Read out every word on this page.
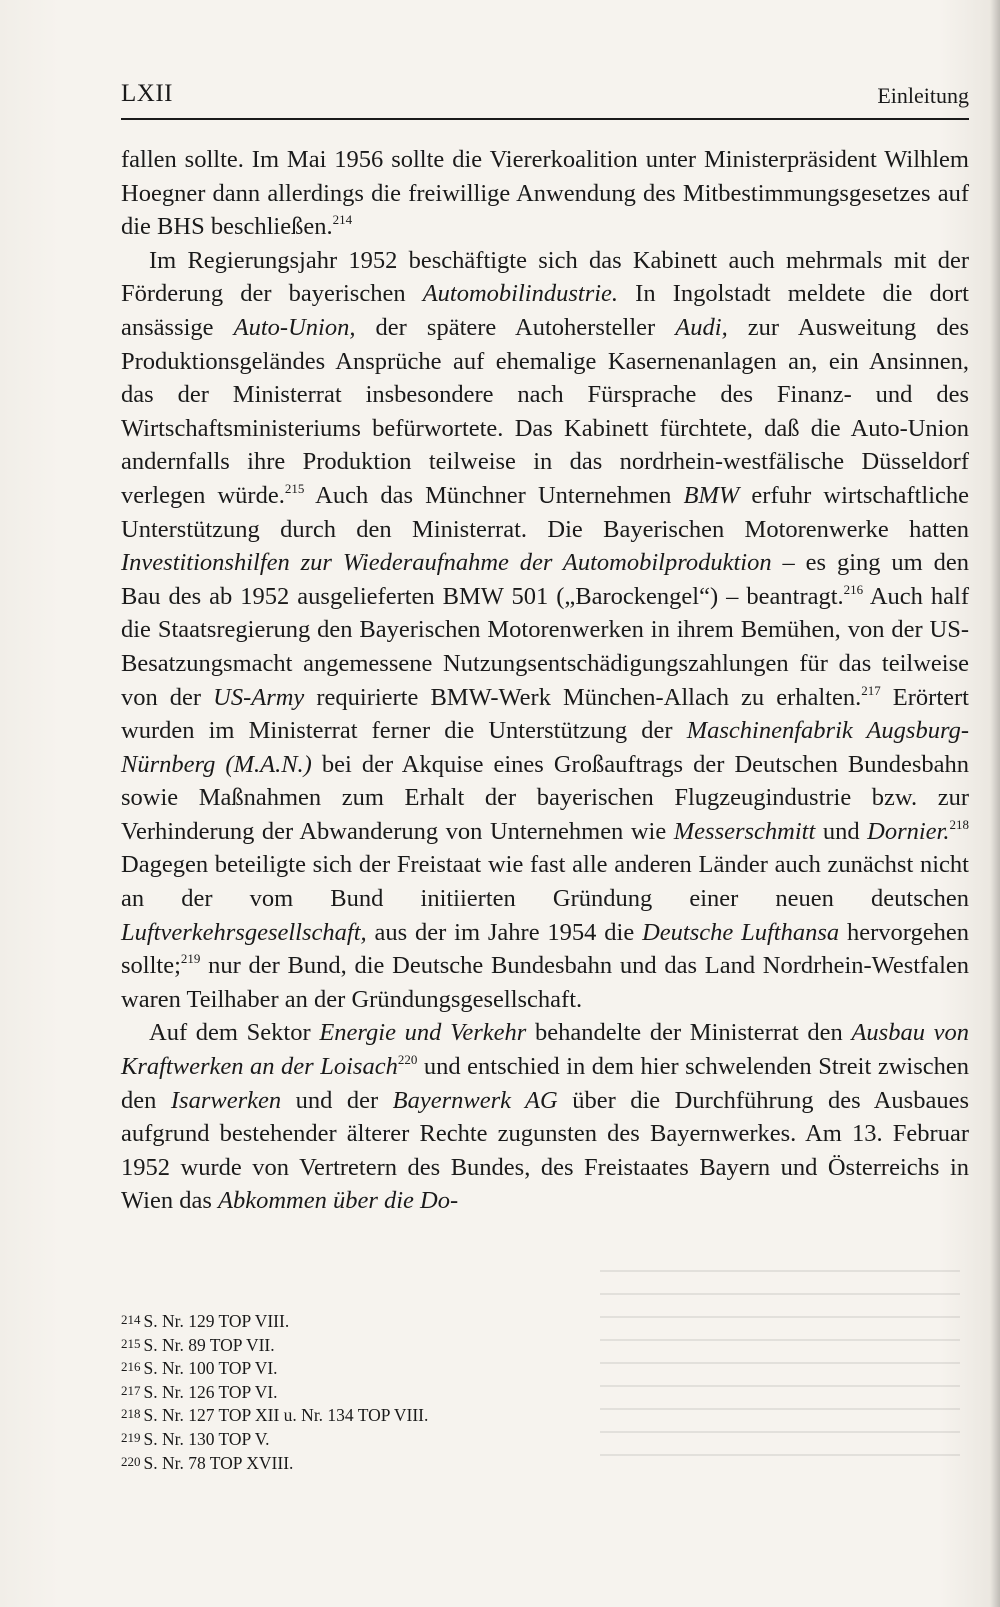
LXII	Einleitung

fallen sollte. Im Mai 1956 sollte die Viererkoalition unter Ministerpräsident Wilhlem Hoegner dann allerdings die freiwillige Anwendung des Mitbestimmungsgesetzes auf die BHS beschließen.$^{214}$

Im Regierungsjahr 1952 beschäftigte sich das Kabinett auch mehrmals mit der Förderung der bayerischen Automobilindustrie. In Ingolstadt meldete die dort ansässige Auto-Union, der spätere Autohersteller Audi, zur Ausweitung des Produktionsgeländes Ansprüche auf ehemalige Kasernenanlagen an, ein Ansinnen, das der Ministerrat insbesondere nach Fürsprache des Finanz- und des Wirtschaftsministeriums befürwortete. Das Kabinett fürchtete, daß die Auto-Union andernfalls ihre Produktion teilweise in das nordrhein-westfälische Düsseldorf verlegen würde.$^{215}$ Auch das Münchner Unternehmen BMW erfuhr wirtschaftliche Unterstützung durch den Ministerrat. Die Bayerischen Motorenwerke hatten Investitionshilfen zur Wiederaufnahme der Automobilproduktion – es ging um den Bau des ab 1952 ausgelieferten BMW 501 („Barockengel“) – beantragt.$^{216}$ Auch half die Staatsregierung den Bayerischen Motorenwerken in ihrem Bemühen, von der US-Besatzungsmacht angemessene Nutzungsentschädigungszahlungen für das teilweise von der US-Army requirierte BMW-Werk München-Allach zu erhalten.$^{217}$ Erörtert wurden im Ministerrat ferner die Unterstützung der Maschinenfabrik Augsburg-Nürnberg (M.A.N.) bei der Akquise eines Großauftrags der Deutschen Bundesbahn sowie Maßnahmen zum Erhalt der bayerischen Flugzeugindustrie bzw. zur Verhinderung der Abwanderung von Unternehmen wie Messerschmitt und Dornier.$^{218}$ Dagegen beteiligte sich der Freistaat wie fast alle anderen Länder auch zunächst nicht an der vom Bund initiierten Gründung einer neuen deutschen Luftverkehrsgesellschaft, aus der im Jahre 1954 die Deutsche Lufthansa hervorgehen sollte;$^{219}$ nur der Bund, die Deutsche Bundesbahn und das Land Nordrhein-Westfalen waren Teilhaber an der Gründungsgesellschaft.

Auf dem Sektor Energie und Verkehr behandelte der Ministerrat den Ausbau von Kraftwerken an der Loisach$^{220}$ und entschied in dem hier schwelenden Streit zwischen den Isarwerken und der Bayernwerk AG über die Durchführung des Ausbaues aufgrund bestehender älterer Rechte zugunsten des Bayernwerkes. Am 13. Februar 1952 wurde von Vertretern des Bundes, des Freistaates Bayern und Österreichs in Wien das Abkommen über die Do-

$^{214}$ S. Nr. 129 TOP VIII.
$^{215}$ S. Nr. 89 TOP VII.
$^{216}$ S. Nr. 100 TOP VI.
$^{217}$ S. Nr. 126 TOP VI.
$^{218}$ S. Nr. 127 TOP XII u. Nr. 134 TOP VIII.
$^{219}$ S. Nr. 130 TOP V.
$^{220}$ S. Nr. 78 TOP XVIII.
